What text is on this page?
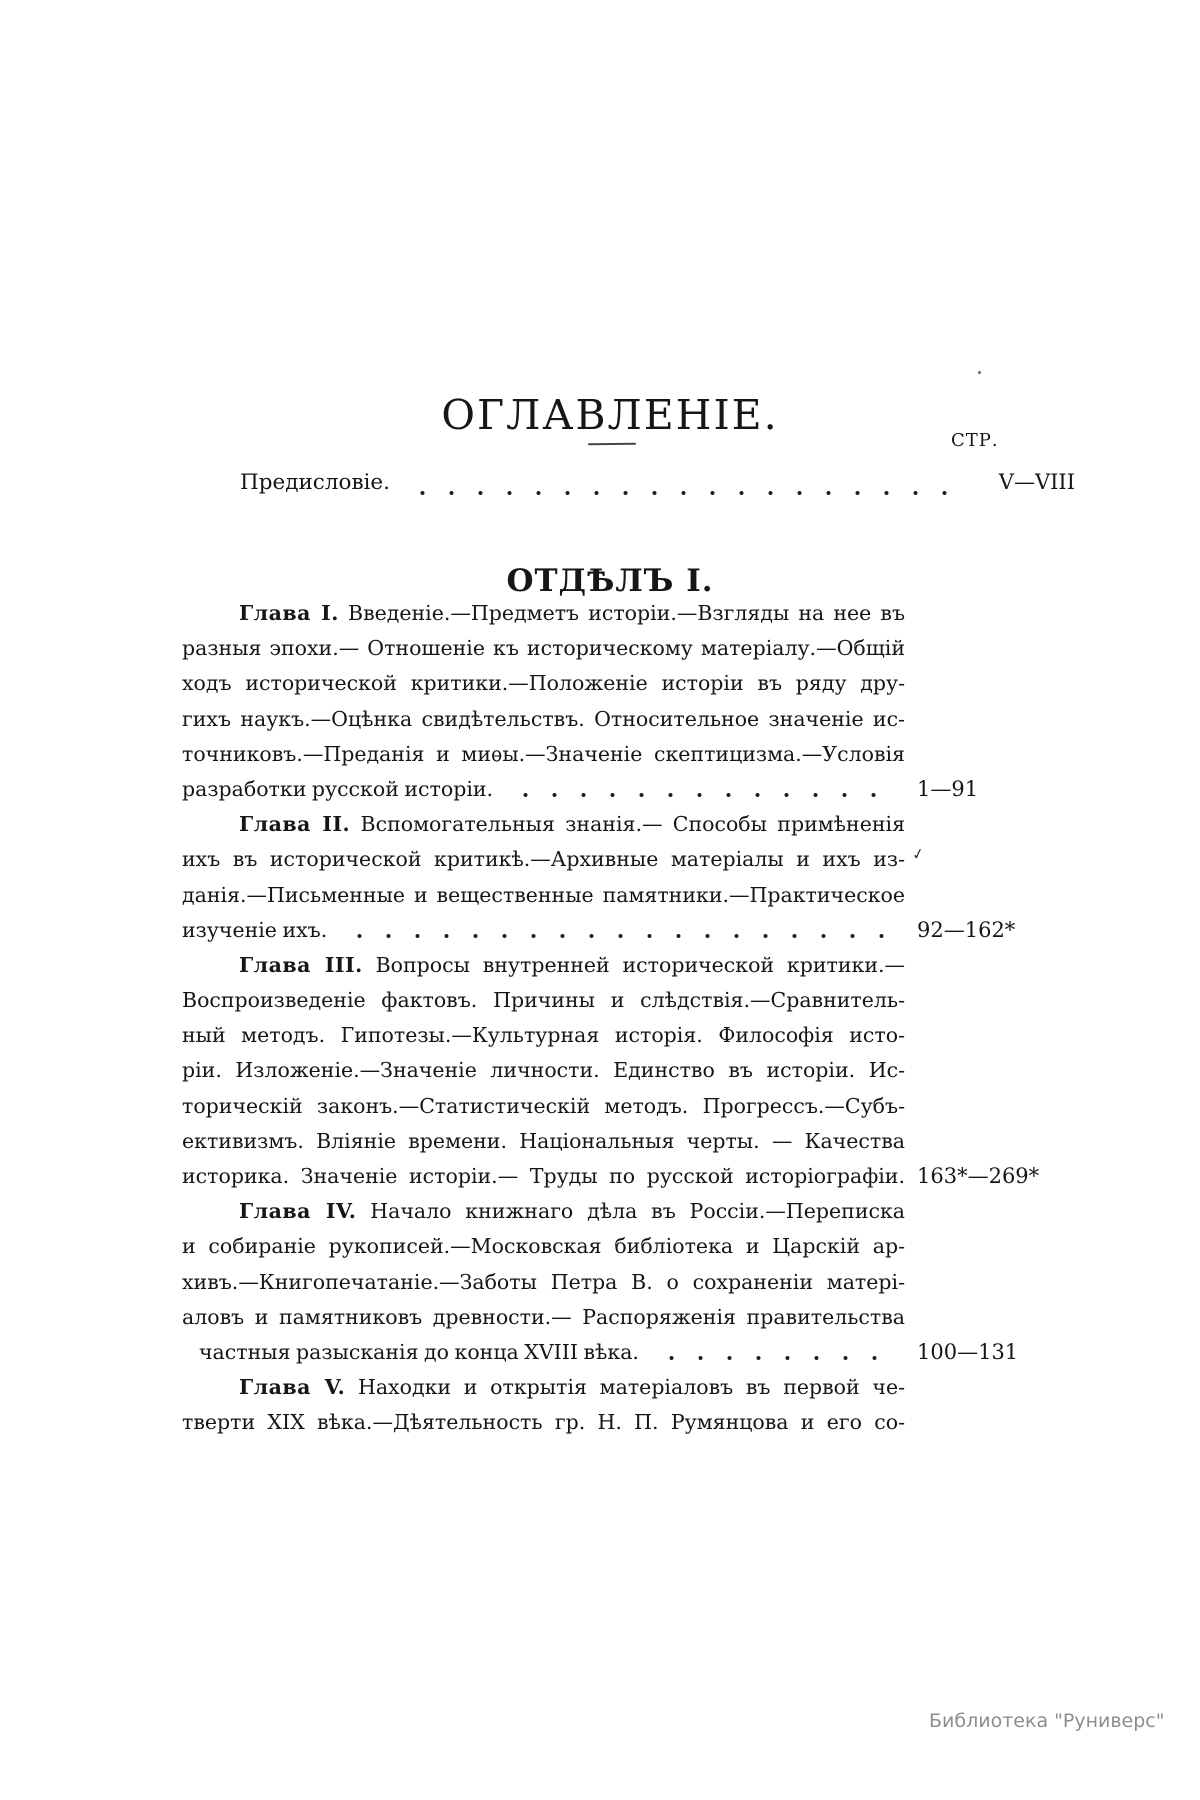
ОГЛАВЛЕНІЕ.
СТР.
Предисловіе.	V—VIII
ОТДѢЛЪ I.
Глава I. Введеніе.—Предметъ исторіи.—Взгляды на нее въ
разныя эпохи.— Отношеніе къ историческому матеріалу.—Общій
ходъ исторической критики.—Положеніе исторіи въ ряду дру-
гихъ наукъ.—Оцѣнка свидѣтельствъ. Относительное значеніе ис-
точниковъ.—Преданія и миѳы.—Значеніе скептицизма.—Условія
разработки русской исторіи.	1—91
Глава II. Вспомогательныя знанія.— Способы примѣненія
ихъ въ исторической критикѣ.—Архивные матеріалы и ихъ из-
данія.—Письменные и вещественные памятники.—Практическое
изученіе ихъ.	92—162*
Глава III. Вопросы внутренней исторической критики.—
Воспроизведеніе фактовъ. Причины и слѣдствія.—Сравнитель-
ный методъ. Гипотезы.—Культурная исторія. Философія исто-
ріи. Изложеніе.—Значеніе личности. Единство въ исторіи. Ис-
торическій законъ.—Статистическій методъ. Прогрессъ.—Субъ-
ективизмъ. Вліяніе времени. Національныя черты. — Качества
историка. Значеніе исторіи.— Труды по русской исторіографіи. 163*—269*
Глава IV. Начало книжнаго дѣла въ Россіи.—Переписка
и собираніе рукописей.—Московская библіотека и Царскій ар-
хивъ.—Книгопечатаніе.—Заботы Петра В. о сохраненіи матері-
аловъ и памятниковъ древности.— Распоряженія правительства
частныя разысканія до конца XVIII вѣка.	100—131
Глава V. Находки и открытія матеріаловъ въ первой че-
тверти XIX вѣка.—Дѣятельность гр. Н. П. Румянцова и его со-
✓
Библиотека "Руниверс"
